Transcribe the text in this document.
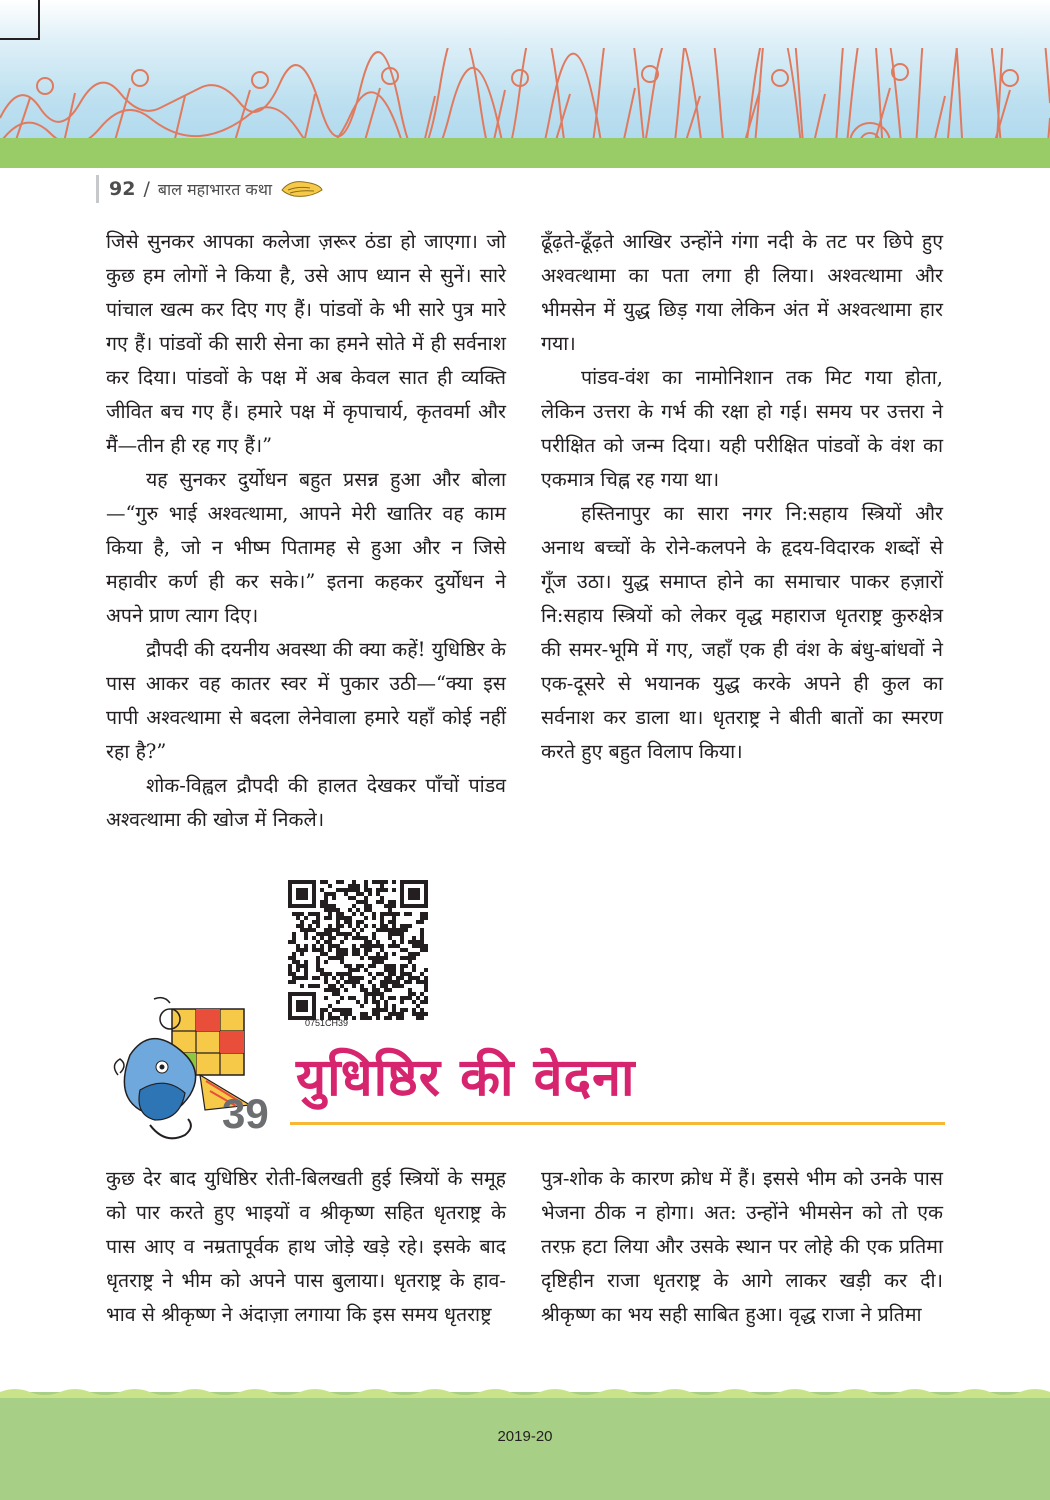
92 / बाल महाभारत कथा

जिसे सुनकर आपका कलेजा ज़रूर ठंडा हो जाएगा। जो कुछ हम लोगों ने किया है, उसे आप ध्यान से सुनें। सारे पांचाल खत्म कर दिए गए हैं। पांडवों के भी सारे पुत्र मारे गए हैं। पांडवों की सारी सेना का हमने सोते में ही सर्वनाश कर दिया। पांडवों के पक्ष में अब केवल सात ही व्यक्ति जीवित बच गए हैं। हमारे पक्ष में कृपाचार्य, कृतवर्मा और मैं—तीन ही रह गए हैं।”

यह सुनकर दुर्योधन बहुत प्रसन्न हुआ और बोला—“गुरु भाई अश्वत्थामा, आपने मेरी खातिर वह काम किया है, जो न भीष्म पितामह से हुआ और न जिसे महावीर कर्ण ही कर सके।” इतना कहकर दुर्योधन ने अपने प्राण त्याग दिए।

द्रौपदी की दयनीय अवस्था की क्या कहें! युधिष्ठिर के पास आकर वह कातर स्वर में पुकार उठी—“क्या इस पापी अश्वत्थामा से बदला लेनेवाला हमारे यहाँ कोई नहीं रहा है?”

शोक-विह्वल द्रौपदी की हालत देखकर पाँचों पांडव अश्वत्थामा की खोज में निकले।

ढूँढ़ते-ढूँढ़ते आखिर उन्होंने गंगा नदी के तट पर छिपे हुए अश्वत्थामा का पता लगा ही लिया। अश्वत्थामा और भीमसेन में युद्ध छिड़ गया लेकिन अंत में अश्वत्थामा हार गया।

पांडव-वंश का नामोनिशान तक मिट गया होता, लेकिन उत्तरा के गर्भ की रक्षा हो गई। समय पर उत्तरा ने परीक्षित को जन्म दिया। यही परीक्षित पांडवों के वंश का एकमात्र चिह्न रह गया था।

हस्तिनापुर का सारा नगर नि:सहाय स्त्रियों और अनाथ बच्चों के रोने-कलपने के हृदय-विदारक शब्दों से गूँज उठा। युद्ध समाप्त होने का समाचार पाकर हज़ारों नि:सहाय स्त्रियों को लेकर वृद्ध महाराज धृतराष्ट्र कुरुक्षेत्र की समर-भूमि में गए, जहाँ एक ही वंश के बंधु-बांधवों ने एक-दूसरे से भयानक युद्ध करके अपने ही कुल का सर्वनाश कर डाला था। धृतराष्ट्र ने बीती बातों का स्मरण करते हुए बहुत विलाप किया।

0751CH39
39
युधिष्ठिर की वेदना

कुछ देर बाद युधिष्ठिर रोती-बिलखती हुई स्त्रियों के समूह को पार करते हुए भाइयों व श्रीकृष्ण सहित धृतराष्ट्र के पास आए व नम्रतापूर्वक हाथ जोड़े खड़े रहे। इसके बाद धृतराष्ट्र ने भीम को अपने पास बुलाया। धृतराष्ट्र के हाव-भाव से श्रीकृष्ण ने अंदाज़ा लगाया कि इस समय धृतराष्ट्र

पुत्र-शोक के कारण क्रोध में हैं। इससे भीम को उनके पास भेजना ठीक न होगा। अत: उन्होंने भीमसेन को तो एक तरफ़ हटा लिया और उसके स्थान पर लोहे की एक प्रतिमा दृष्टिहीन राजा धृतराष्ट्र के आगे लाकर खड़ी कर दी। श्रीकृष्ण का भय सही साबित हुआ। वृद्ध राजा ने प्रतिमा

2019-20
